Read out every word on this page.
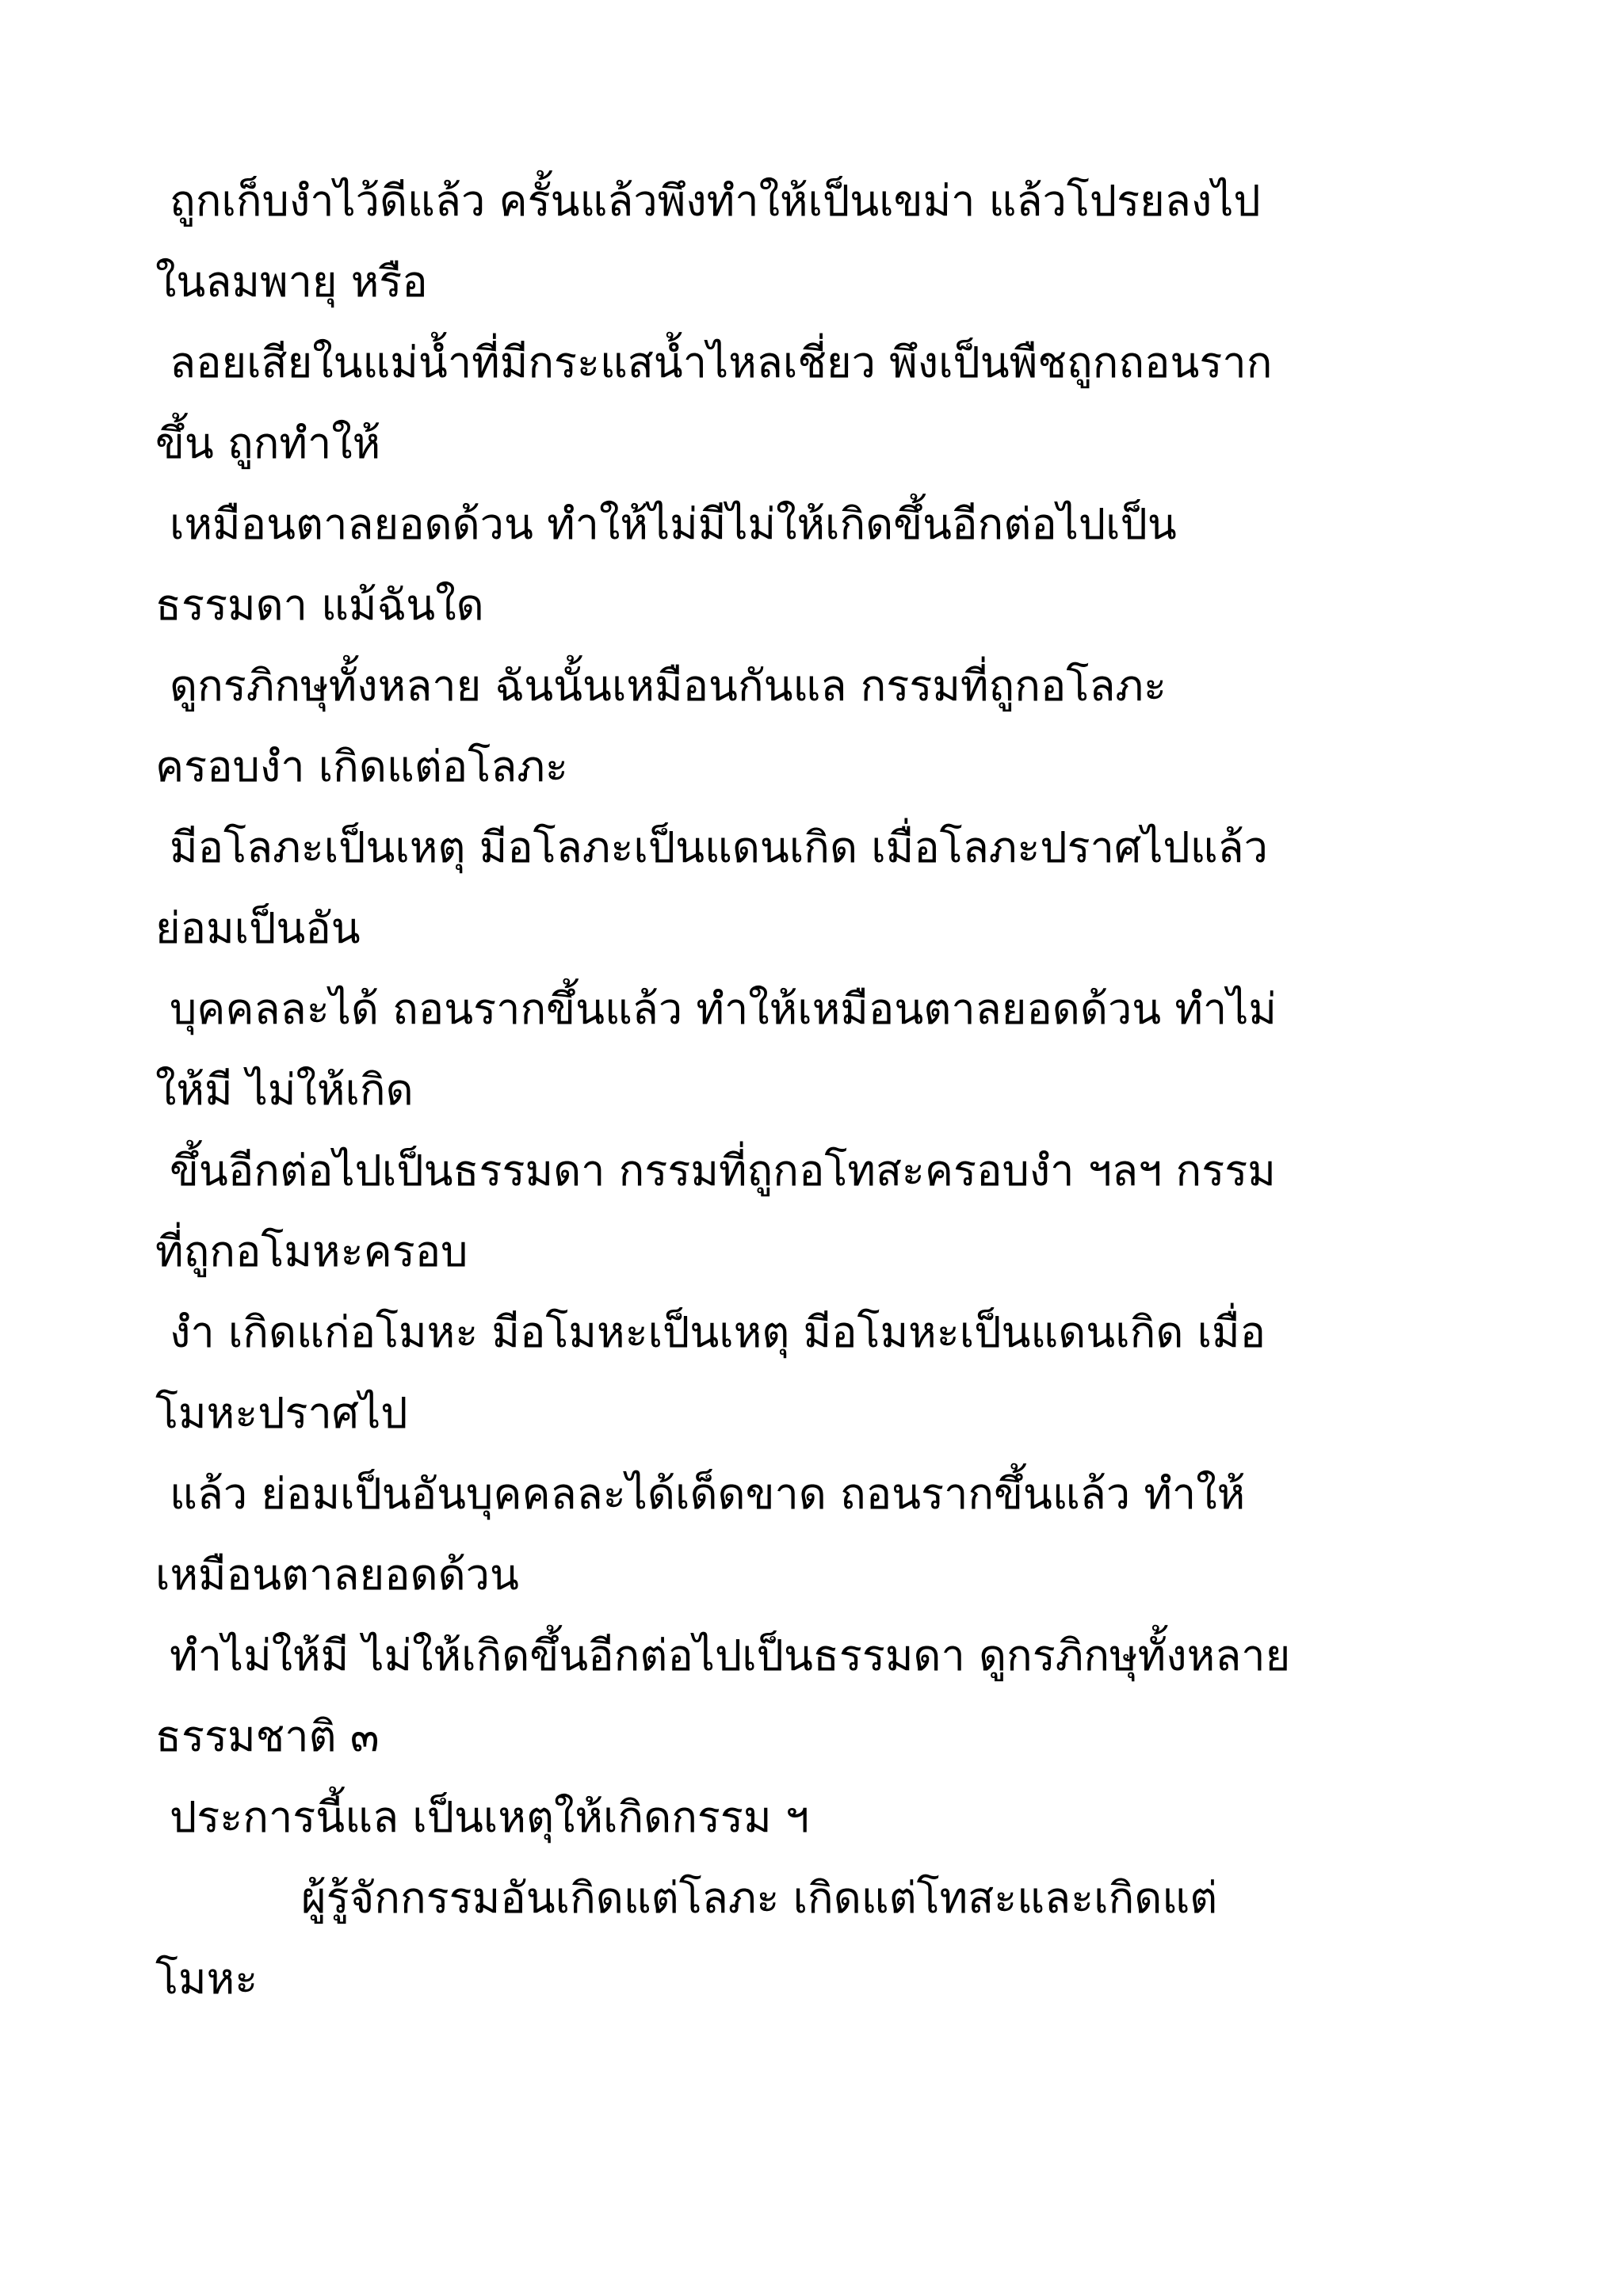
ถูกเก็บงำไว้ดีแล้ว ครั้นแล้วพึงทำให้เป็นเขม่า แล้วโปรยลงไป
ในลมพายุ หรือ
ลอยเสียในแม่น้ำที่มีกระแสน้ำไหลเชี่ยว พึงเป็นพืชถูกถอนราก
ขึ้น ถูกทำให้
เหมือนตาลยอดด้วน ทำให้ไม่มีไม่ให้เกิดขึ้นอีกต่อไปเป็น
ธรรมดา แม้ฉันใด
ดูกรภิกษุทั้งหลาย ฉันนั้นเหมือนกันแล กรรมที่ถูกอโลภะ
ครอบงำ เกิดแต่อโลภะ
มีอโลภะเป็นเหตุ มีอโลภะเป็นแดนเกิด เมื่อโลภะปราศไปแล้ว
ย่อมเป็นอัน
บุคคลละได้ ถอนรากขึ้นแล้ว ทำให้เหมือนตาลยอดด้วน ทำไม่
ให้มี ไม่ให้เกิด
ขึ้นอีกต่อไปเป็นธรรมดา กรรมที่ถูกอโทสะครอบงำ ฯลฯ กรรม
ที่ถูกอโมหะครอบ
งำ เกิดแก่อโมหะ มีอโมหะเป็นเหตุ มีอโมหะเป็นแดนเกิด เมื่อ
โมหะปราศไป
แล้ว ย่อมเป็นอันบุคคลละได้เด็ดขาด ถอนรากขึ้นแล้ว ทำให้
เหมือนตาลยอดด้วน
ทำไม่ให้มี ไม่ให้เกิดขึ้นอีกต่อไปเป็นธรรมดา ดูกรภิกษุทั้งหลาย
ธรรมชาติ ๓
ประการนี้แล เป็นเหตุให้เกิดกรรม ฯ
ผู้รู้จักกรรมอันเกิดแต่โลภะ เกิดแต่โทสะและเกิดแต่
โมหะ
